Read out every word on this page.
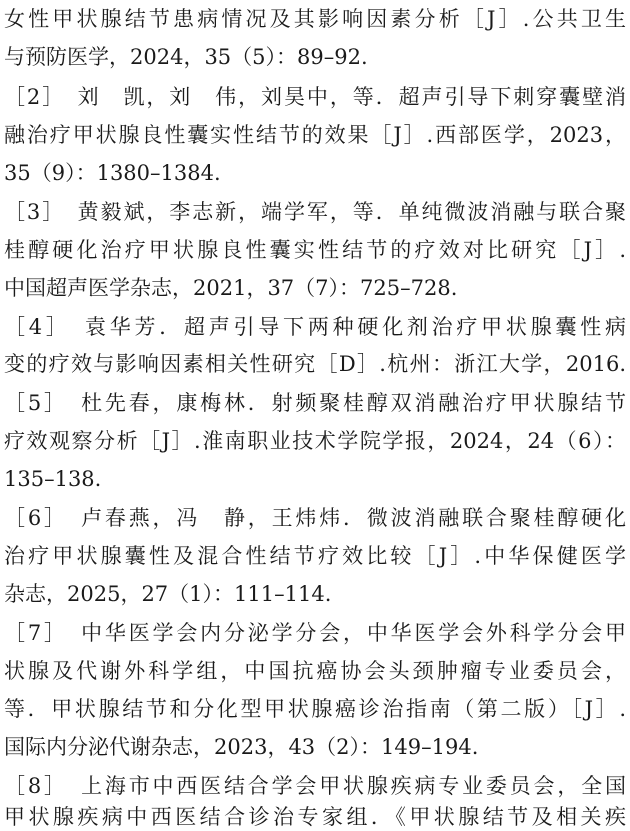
女性甲状腺结节患病情况及其影响因素分析［J］.公共卫生
与预防医学，2024，35（5）：89–92.
［2］　刘　凯，刘　伟，刘昊中，等．超声引导下刺穿囊壁消
融治疗甲状腺良性囊实性结节的效果［J］.西部医学，2023，
35（9）：1380–1384.
［3］　黄毅斌，李志新，端学军，等．单纯微波消融与联合聚
桂醇硬化治疗甲状腺良性囊实性结节的疗效对比研究［J］.
中国超声医学杂志，2021，37（7）：725–728.
［4］　袁华芳．超声引导下两种硬化剂治疗甲状腺囊性病
变的疗效与影响因素相关性研究［D］.杭州：浙江大学，2016.
［5］　杜先春，康梅林．射频聚桂醇双消融治疗甲状腺结节
疗效观察分析［J］.淮南职业技术学院学报，2024，24（6）：
135–138.
［6］　卢春燕，冯　静，王炜炜．微波消融联合聚桂醇硬化
治疗甲状腺囊性及混合性结节疗效比较［J］.中华保健医学
杂志，2025，27（1）：111–114.
［7］　中华医学会内分泌学分会，中华医学会外科学分会甲
状腺及代谢外科学组，中国抗癌协会头颈肿瘤专业委员会，
等．甲状腺结节和分化型甲状腺癌诊治指南（第二版）［J］.
国际内分泌代谢杂志，2023，43（2）：149–194.
［8］　上海市中西医结合学会甲状腺疾病专业委员会，全国
甲状腺疾病中西医结合诊治专家组．《甲状腺结节及相关疾
